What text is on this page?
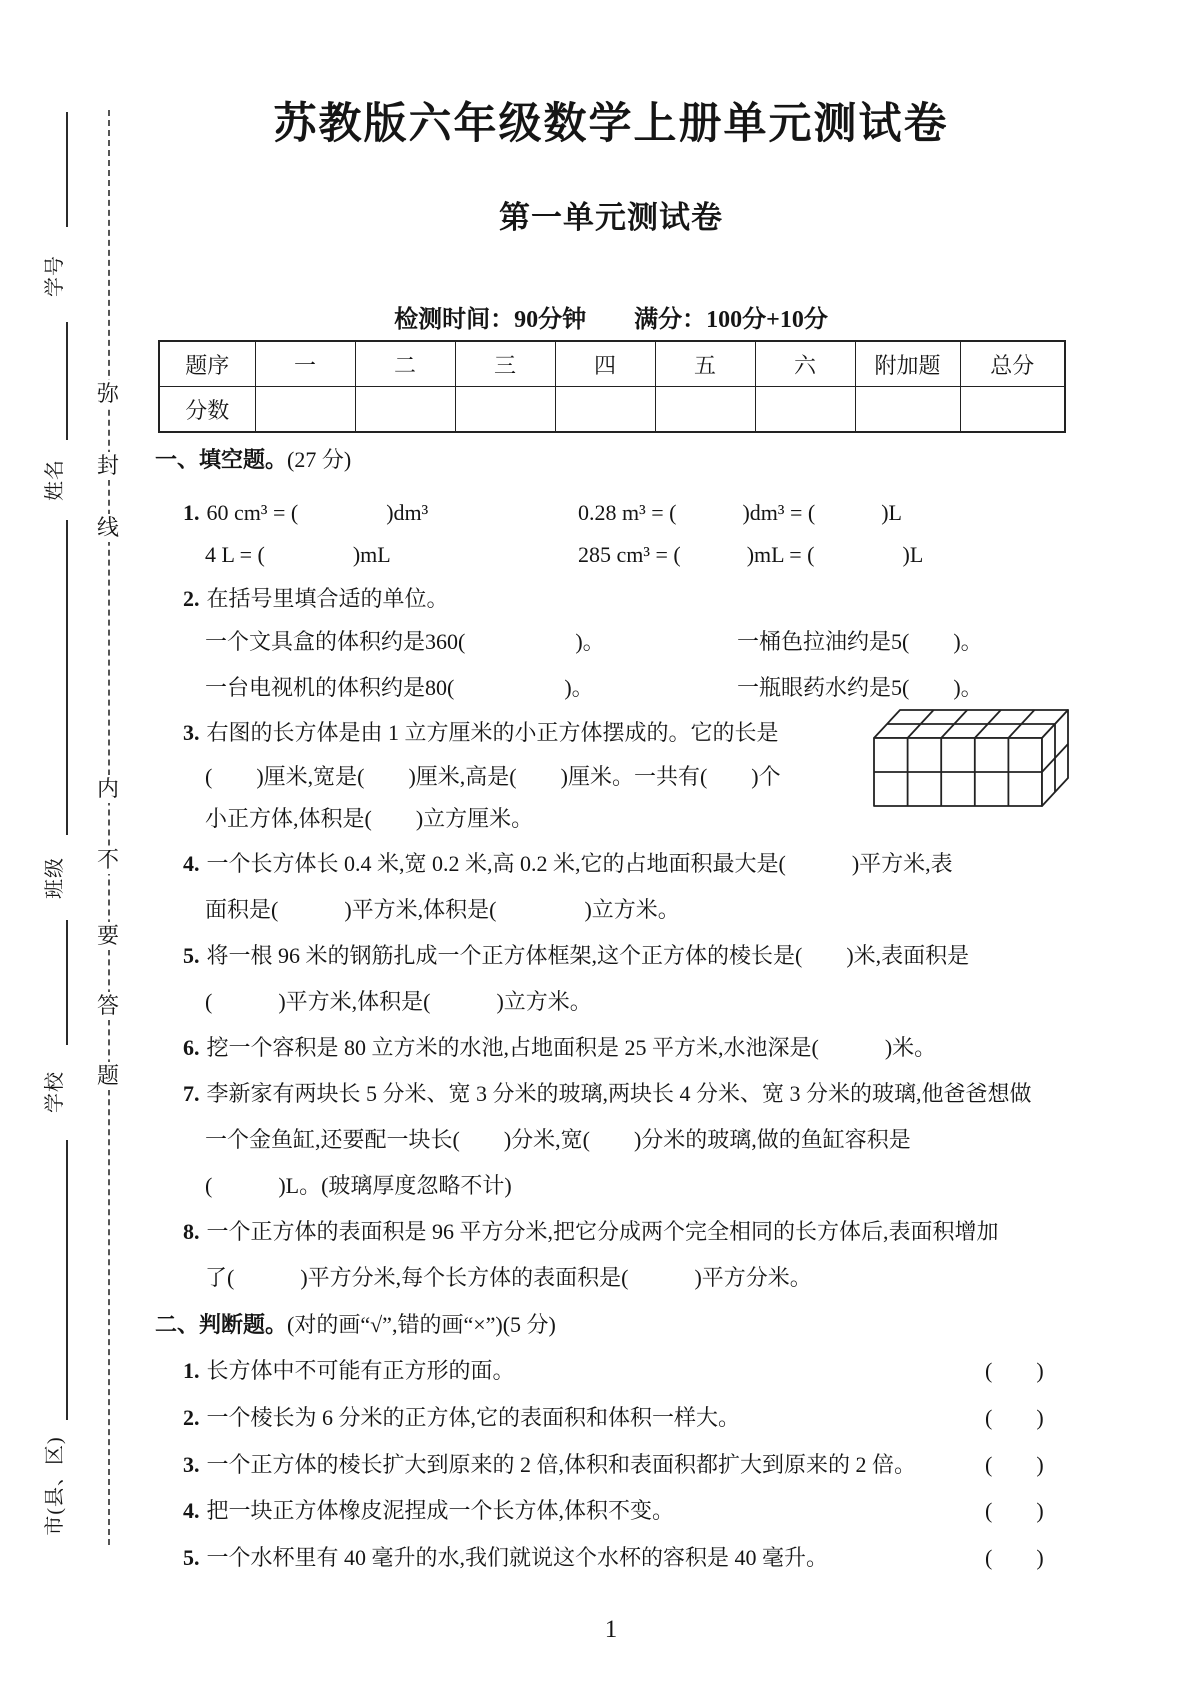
学号
姓名
班级
学校
市(县、区)
弥
封
线
内
不
要
答
题
苏教版六年级数学上册单元测试卷
第一单元测试卷
检测时间：90分钟　　满分：100分+10分
题序	一	二	三	四	五	六	附加题	总分
分数								
一、填空题。(27 分)
1. 60 cm³ = (　　　　)dm³	0.28 m³ = (　　　)dm³ = (　　　)L
4 L = (　　　　)mL	285 cm³ = (　　　)mL = (　　　　)L
2. 在括号里填合适的单位。
一个文具盒的体积约是360(　　　　　)。	一桶色拉油约是5(　　)。
一台电视机的体积约是80(　　　　　)。	一瓶眼药水约是5(　　)。
3. 右图的长方体是由 1 立方厘米的小正方体摆成的。它的长是
(　　)厘米,宽是(　　)厘米,高是(　　)厘米。一共有(　　)个
小正方体,体积是(　　)立方厘米。
4. 一个长方体长 0.4 米,宽 0.2 米,高 0.2 米,它的占地面积最大是(　　　)平方米,表
面积是(　　　)平方米,体积是(　　　　)立方米。
5. 将一根 96 米的钢筋扎成一个正方体框架,这个正方体的棱长是(　　)米,表面积是
(　　　)平方米,体积是(　　　)立方米。
6. 挖一个容积是 80 立方米的水池,占地面积是 25 平方米,水池深是(　　　)米。
7. 李新家有两块长 5 分米、宽 3 分米的玻璃,两块长 4 分米、宽 3 分米的玻璃,他爸爸想做
一个金鱼缸,还要配一块长(　　)分米,宽(　　)分米的玻璃,做的鱼缸容积是
(　　　)L。(玻璃厚度忽略不计)
8. 一个正方体的表面积是 96 平方分米,把它分成两个完全相同的长方体后,表面积增加
了(　　　)平方分米,每个长方体的表面积是(　　　)平方分米。
二、判断题。(对的画“√”,错的画“×”)(5 分)
1. 长方体中不可能有正方形的面。	(　　)
2. 一个棱长为 6 分米的正方体,它的表面积和体积一样大。	(　　)
3. 一个正方体的棱长扩大到原来的 2 倍,体积和表面积都扩大到原来的 2 倍。	(　　)
4. 把一块正方体橡皮泥捏成一个长方体,体积不变。	(　　)
5. 一个水杯里有 40 毫升的水,我们就说这个水杯的容积是 40 毫升。	(　　)
1
